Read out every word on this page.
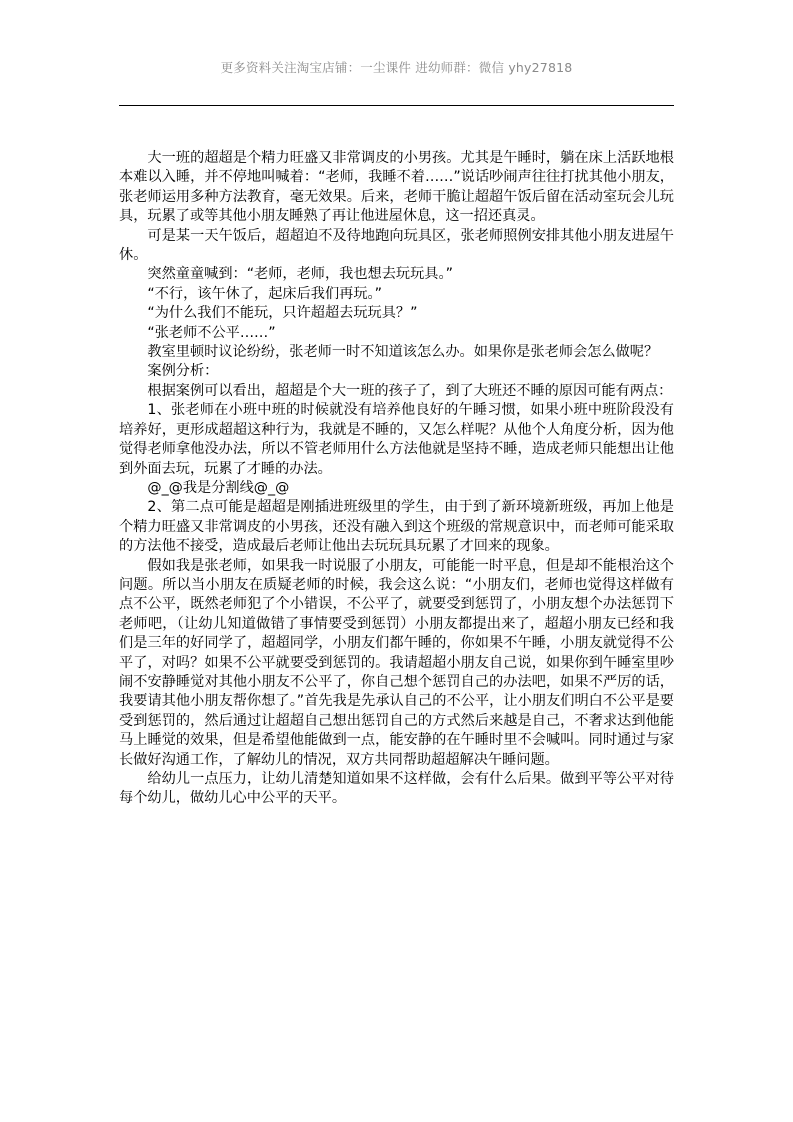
更多资料关注淘宝店铺：一尘课件 进幼师群：微信 yhy27818

大一班的超超是个精力旺盛又非常调皮的小男孩。尤其是午睡时，躺在床上活跃地根本难以入睡，并不停地叫喊着：“老师，我睡不着……”说话吵闹声往往打扰其他小朋友，张老师运用多种方法教育，毫无效果。后来，老师干脆让超超午饭后留在活动室玩会儿玩具，玩累了或等其他小朋友睡熟了再让他进屋休息，这一招还真灵。

可是某一天午饭后，超超迫不及待地跑向玩具区，张老师照例安排其他小朋友进屋午休。

突然童童喊到：“老师，老师，我也想去玩玩具。”

“不行，该午休了，起床后我们再玩。”

“为什么我们不能玩，只许超超去玩玩具？”

“张老师不公平……”

教室里顿时议论纷纷，张老师一时不知道该怎么办。如果你是张老师会怎么做呢？

案例分析：

根据案例可以看出，超超是个大一班的孩子了，到了大班还不睡的原因可能有两点：

1、张老师在小班中班的时候就没有培养他良好的午睡习惯，如果小班中班阶段没有培养好，更形成超超这种行为，我就是不睡的，又怎么样呢？从他个人角度分析，因为他觉得老师拿他没办法，所以不管老师用什么方法他就是坚持不睡，造成老师只能想出让他到外面去玩，玩累了才睡的办法。

@_@我是分割线@_@

2、第二点可能是超超是刚插进班级里的学生，由于到了新环境新班级，再加上他是个精力旺盛又非常调皮的小男孩，还没有融入到这个班级的常规意识中，而老师可能采取的方法他不接受，造成最后老师让他出去玩玩具玩累了才回来的现象。

假如我是张老师，如果我一时说服了小朋友，可能能一时平息，但是却不能根治这个问题。所以当小朋友在质疑老师的时候，我会这么说：“小朋友们，老师也觉得这样做有点不公平，既然老师犯了个小错误，不公平了，就要受到惩罚了，小朋友想个办法惩罚下老师吧，（让幼儿知道做错了事情要受到惩罚）小朋友都提出来了，超超小朋友已经和我们是三年的好同学了，超超同学，小朋友们都午睡的，你如果不午睡，小朋友就觉得不公平了，对吗？如果不公平就要受到惩罚的。我请超超小朋友自己说，如果你到午睡室里吵闹不安静睡觉对其他小朋友不公平了，你自己想个惩罚自己的办法吧，如果不严厉的话，我要请其他小朋友帮你想了。”首先我是先承认自己的不公平，让小朋友们明白不公平是要受到惩罚的，然后通过让超超自己想出惩罚自己的方式然后来越是自己，不奢求达到他能马上睡觉的效果，但是希望他能做到一点，能安静的在午睡时里不会喊叫。同时通过与家长做好沟通工作，了解幼儿的情况，双方共同帮助超超解决午睡问题。

给幼儿一点压力，让幼儿清楚知道如果不这样做，会有什么后果。做到平等公平对待每个幼儿，做幼儿心中公平的天平。
